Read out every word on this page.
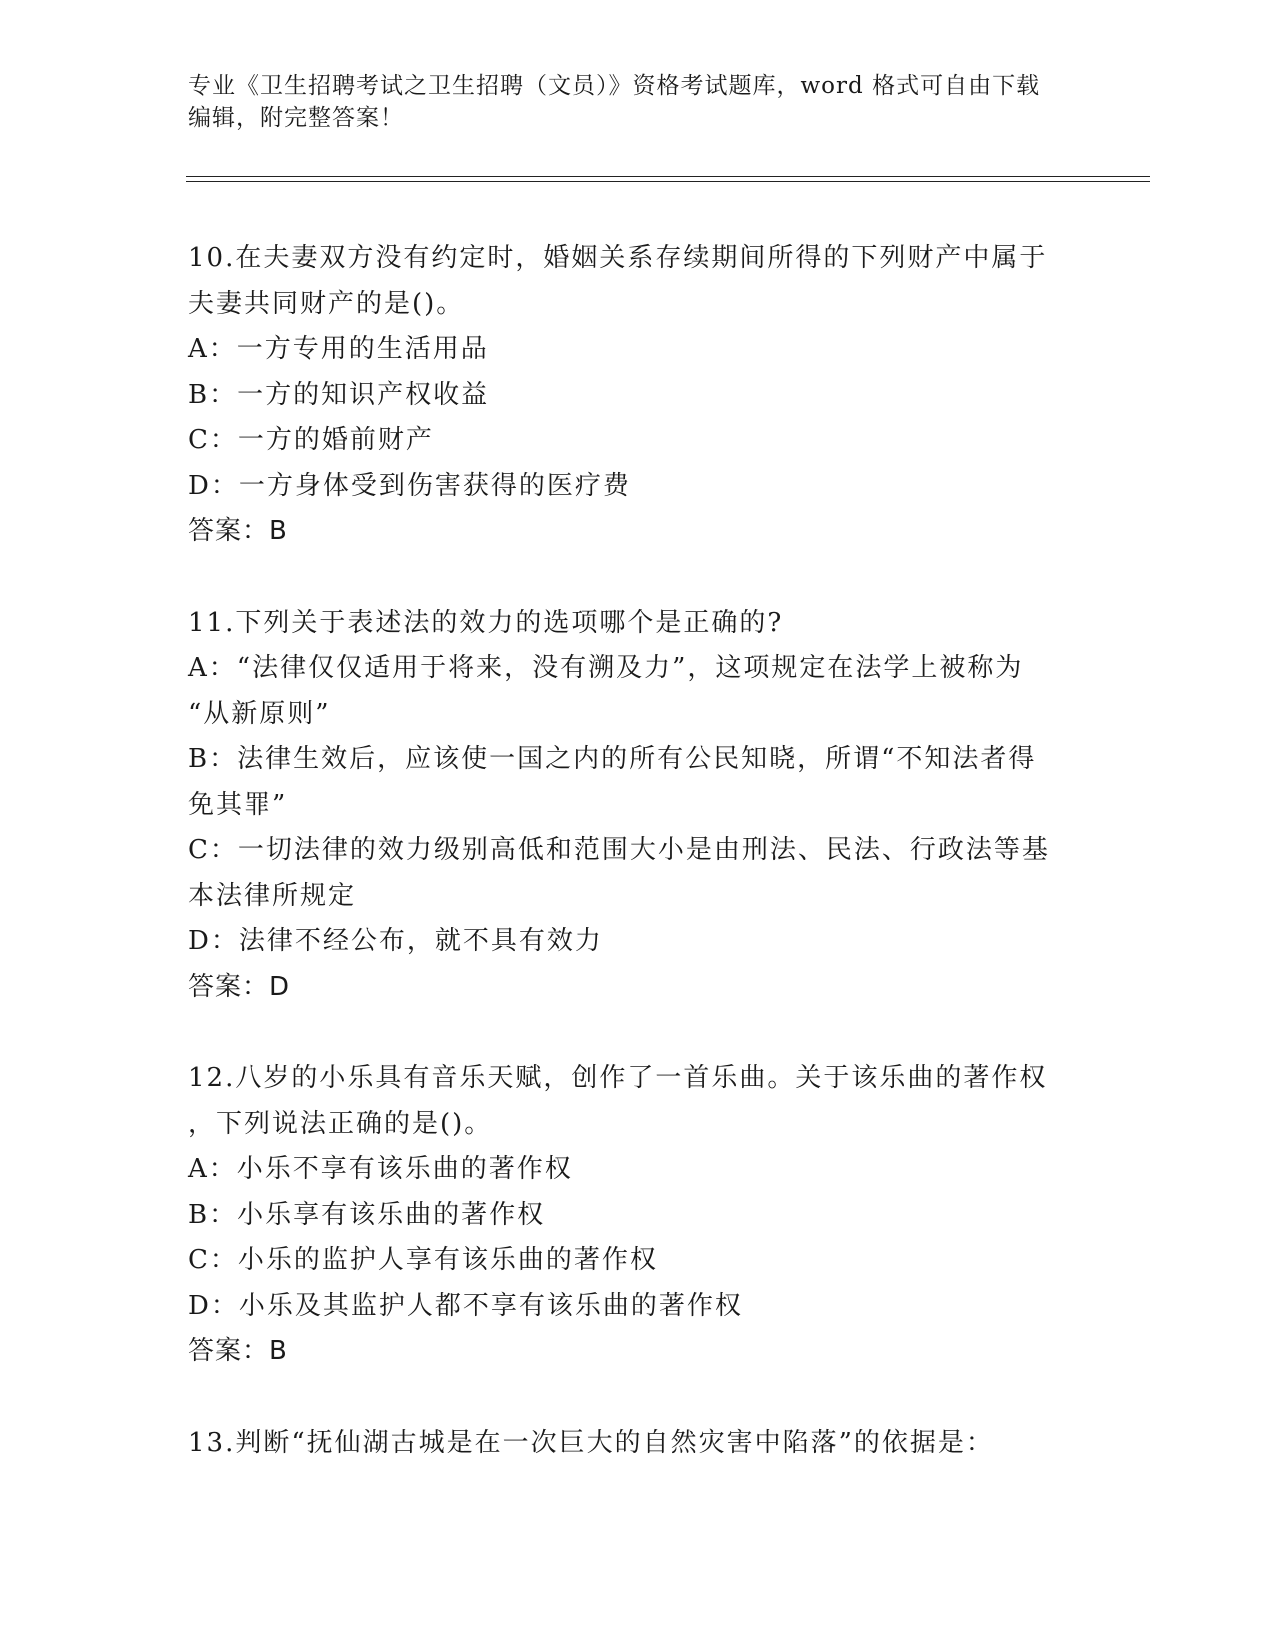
专业《卫生招聘考试之卫生招聘（文员）》资格考试题库，word 格式可自由下载
编辑，附完整答案！
10.在夫妻双方没有约定时，婚姻关系存续期间所得的下列财产中属于
夫妻共同财产的是()。
A：一方专用的生活用品
B：一方的知识产权收益
C：一方的婚前财产
D：一方身体受到伤害获得的医疗费
答案：B
11.下列关于表述法的效力的选项哪个是正确的?
A：“法律仅仅适用于将来，没有溯及力”，这项规定在法学上被称为
“从新原则”
B：法律生效后，应该使一国之内的所有公民知晓，所谓“不知法者得
免其罪”
C：一切法律的效力级别高低和范围大小是由刑法、民法、行政法等基
本法律所规定
D：法律不经公布，就不具有效力
答案：D
12.八岁的小乐具有音乐天赋，创作了一首乐曲。关于该乐曲的著作权
，下列说法正确的是()。
A：小乐不享有该乐曲的著作权
B：小乐享有该乐曲的著作权
C：小乐的监护人享有该乐曲的著作权
D：小乐及其监护人都不享有该乐曲的著作权
答案：B
13.判断“抚仙湖古城是在一次巨大的自然灾害中陷落”的依据是：
